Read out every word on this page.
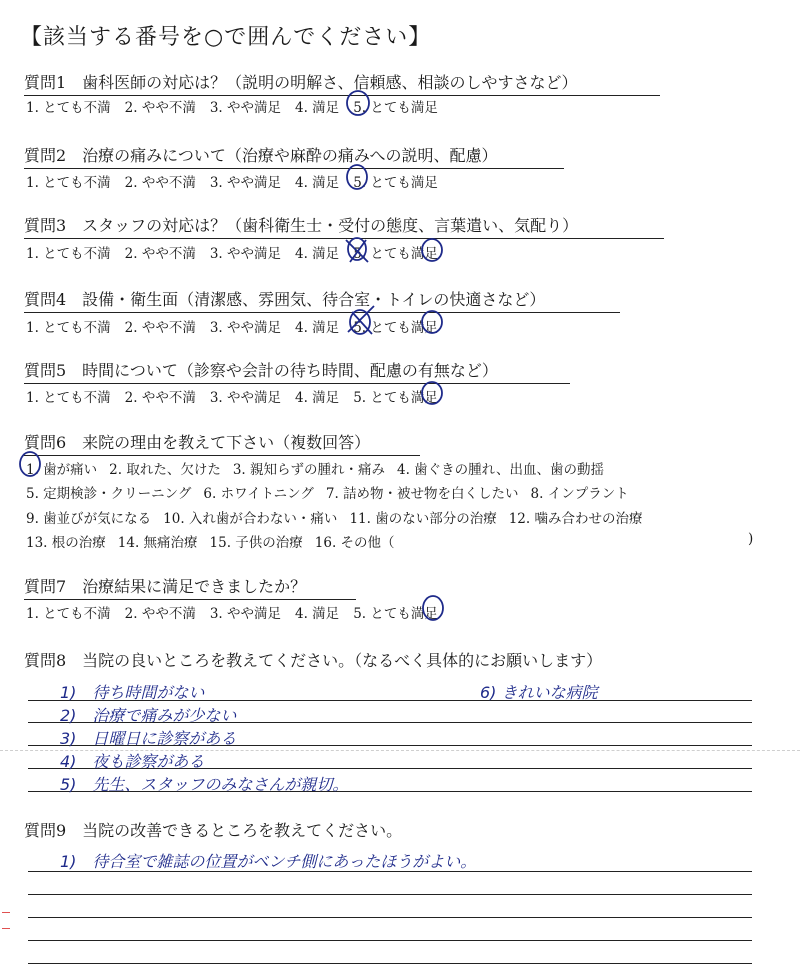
【該当する番号を○で囲んでください】
質問1　歯科医師の対応は？（説明の明解さ、信頼感、相談のしやすさなど）
1. とても不満 2. やや不満 3. やや満足 4. 満足 5. とても満足
質問2　治療の痛みについて（治療や麻酔の痛みへの説明、配慮）
1. とても不満 2. やや不満 3. やや満足 4. 満足 5. とても満足
質問3　スタッフの対応は？（歯科衛生士・受付の態度、言葉遣い、気配り）
1. とても不満 2. やや不満 3. やや満足 4. 満足 5. とても満足
質問4　設備・衛生面（清潔感、雰囲気、待合室・トイレの快適さなど）
1. とても不満 2. やや不満 3. やや満足 4. 満足 5. とても満足
質問5　時間について（診察や会計の待ち時間、配慮の有無など）
1. とても不満 2. やや不満 3. やや満足 4. 満足 5. とても満足
質問6　来院の理由を教えて下さい（複数回答）
1. 歯が痛い 2. 取れた、欠けた 3. 親知らずの腫れ・痛み 4. 歯ぐきの腫れ、出血、歯の動揺
5. 定期検診・クリーニング 6. ホワイトニング 7. 詰め物・被せ物を白くしたい 8. インプラント
9. 歯並びが気になる 10. 入れ歯が合わない・痛い 11. 歯のない部分の治療 12. 噛み合わせの治療
13. 根の治療 14. 無痛治療 15. 子供の治療 16. その他（	)
質問7　治療結果に満足できましたか？
1. とても不満 2. やや不満 3. やや満足 4. 満足 5. とても満足
質問8　当院の良いところを教えてください。（なるべく具体的にお願いします）
1)　待ち時間がない	6) きれいな病院
2)　治療で痛みが少ない
3)　日曜日に診察がある
4)　夜も診察がある
5)　先生、スタッフのみなさんが親切。
質問9　当院の改善できるところを教えてください。
1)　待合室で雑誌の位置がベンチ側にあったほうがよい。
